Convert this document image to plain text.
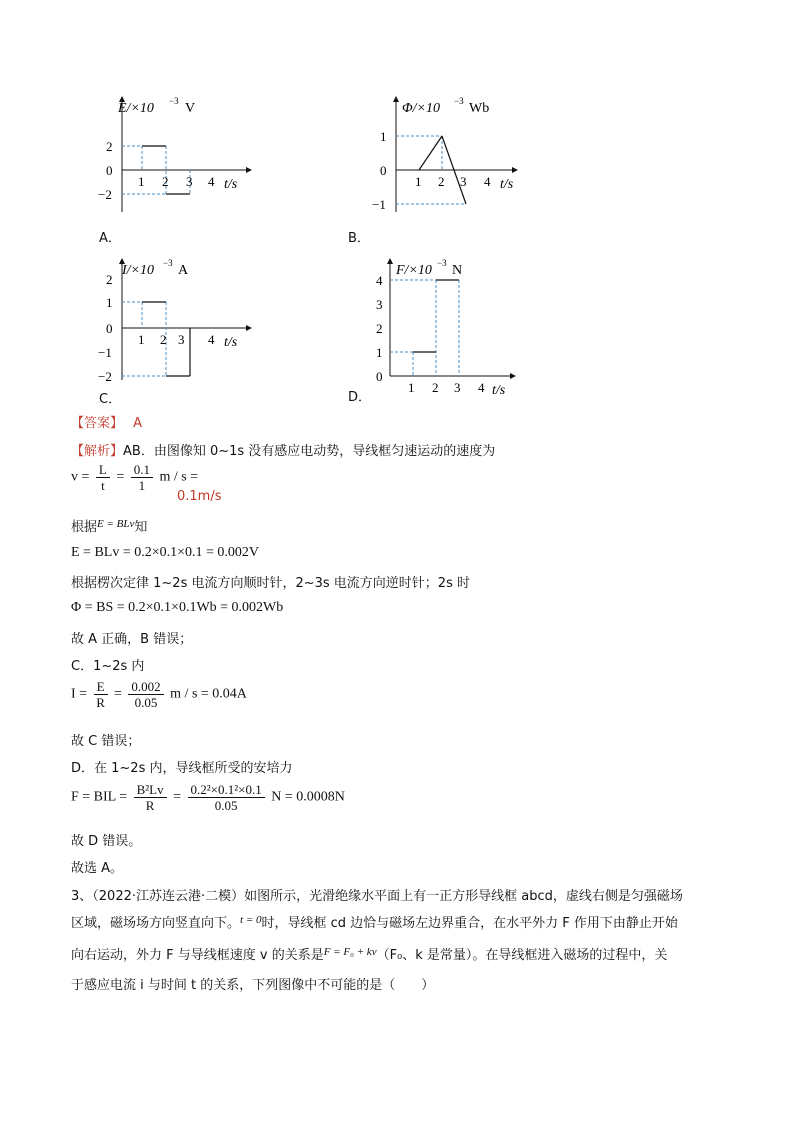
E/×10 −3 V
t/s
1 2 3 4
2
0
−2
A．
Φ/×10 −3 Wb
t/s
1 2 3 4
1
0
−1
B．
I/×10 −3 A
t/s
1 2 3 4
2
1
0
−1
−2
C．
F/×10 −3 N
t/s
1 2 3 4
4
3
2
1
0
D．
【答案】 A
【解析】AB．由图像知 0~1s 没有感应电动势，导线框匀速运动的速度为
$v = \frac{L}{t} = \frac{0.1}{1}$ m / s =
0.1m/s
根据$^{E = BLv}$知
E = BLv = 0.2×0.1×0.1 = 0.002V
根据楞次定律 1~2s 电流方向顺时针，2~3s 电流方向逆时针；2s 时
Φ = BS = 0.2×0.1×0.1Wb = 0.002Wb
故 A 正确，B 错误；
C．1~2s 内
$I = \frac{E}{R} = \frac{0.002}{0.05}$ m / s = 0.04A
故 C 错误；
D．在 1~2s 内，导线框所受的安培力
F = BIL = $\frac{\text{B²Lv}}{R} = \frac{\text{0.2²×0.1²×0.1}}{0.05}$ N = 0.0008N
故 D 错误。
故选 A。
3、（2022·江苏连云港·二模）如图所示，光滑绝缘水平面上有一正方形导线框 abcd，虚线右侧是匀强磁场
区域，磁场场方向竖直向下。$^{t = 0}$时，导线框 cd 边恰与磁场左边界重合，在水平外力 F 作用下由静止开始
向右运动，外力 F 与导线框速度 v 的关系是$^{F = F_0 + kv}$（F₀、k 是常量）。在导线框进入磁场的过程中，关
于感应电流 i 与时间 t 的关系，下列图像中不可能的是（　　）
